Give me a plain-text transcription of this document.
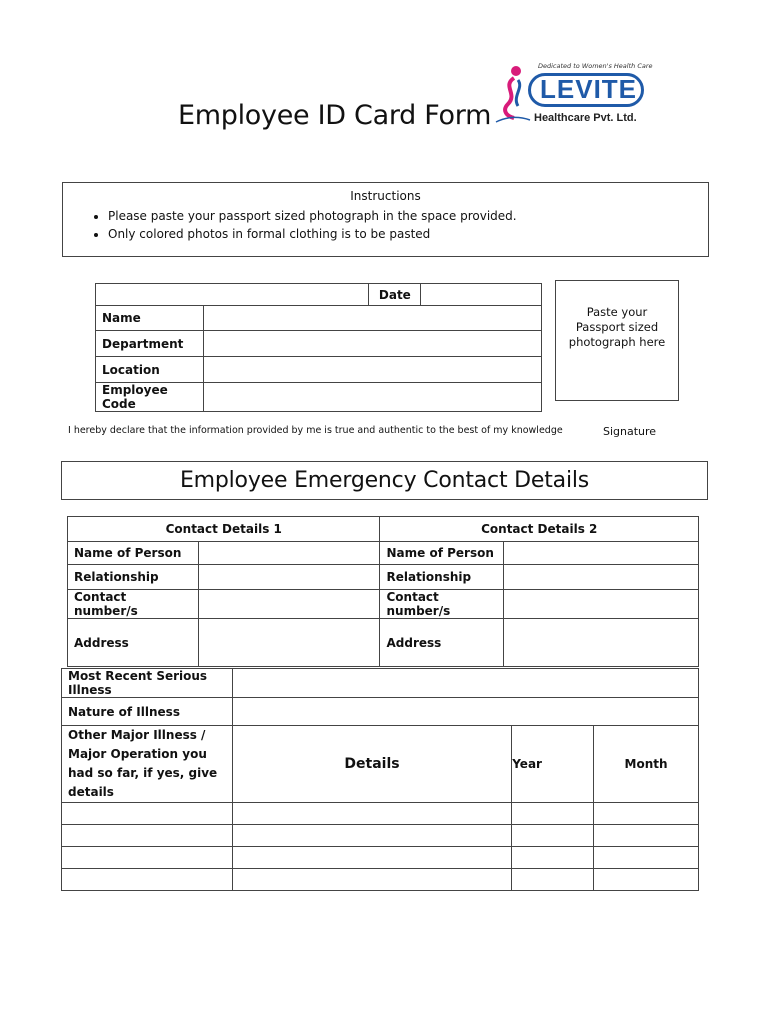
Employee ID Card Form
Dedicated to Women's Health Care
LEVITE
Healthcare Pvt. Ltd.
Instructions
• Please paste your passport sized photograph in the space provided.
• Only colored photos in formal clothing is to be pasted
		Date	
Name			
Department			
Location			
Employee Code			
Paste your
Passport sized
photograph here
I hereby declare that the information provided by me is true and authentic to the best of my knowledge	Signature
Employee Emergency Contact Details
Contact Details 1		Contact Details 2	
Name of Person		Name of Person	
Relationship		Relationship	
Contact number/s		Contact number/s	
Address		Address	
Most Recent Serious Illness			
Nature of Illness			
Other Major Illness / Major Operation you had so far, if yes, give details	Details	Year	Month
